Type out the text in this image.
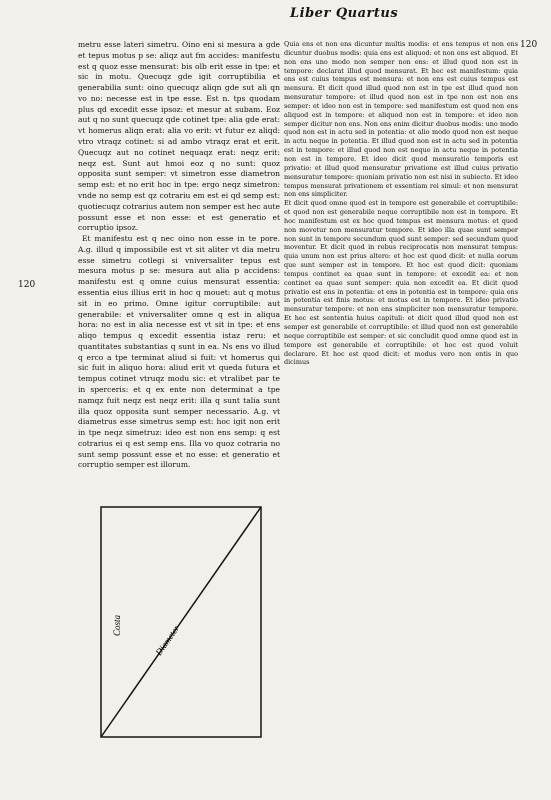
Liber Quartus
120
120

metru esse lateri simetru. Oino eni si mesura a gde et tepus motus p se: aliqz aut fm accides: manifestu est q quoz esse mensurat: bis olb erit esse in tpe: et sic in motu. Quecuqz gde igit corruptibilia et generabilia sunt: oino quecuqz aliqn gde sut ali qn vo no: necesse est in tpe esse. Est n. tps quodam plus qd excedit esse ipsoz: et mesur at subam. Eoz aut q no sunt quecuqz qde cotinet tpe: alia gde erat: vt homerus aliqn erat: alia vo erit: vt futur ez aliqd: vtro vtraqz cotinet: si ad ambo vtraqz erat et erit. Quecuqz aut no cotinet nequaqz erat: neqz erit: neqz est. Sunt aut hmoi eoz q no sunt: quoz opposita sunt semper: vt simetron esse diametron semp est: et no erit hoc in tpe: ergo neqz simetron: vnde no semp est qz cotrariu em est ei qd semp est: quotiecuqz cotrarius autem non semper est hec aute possunt esse et non esse: et est generatio et corruptio ipsoz.

Et manifestu est q nec oino non esse in te pore. A.g. illud q impossibile est vt sit aliter vt dia metru esse simetru cotlegi si vniversaliter tepus est mesura motus p se: mesura aut alia p accidens: manifestu est q omne cuius mensurat essentia: essentia eius illius erit in hoc q mouet: aut q motus sit in eo primo. Omne igitur corruptibile: aut generabile: et vniversaliter omne q est in aliqua hora: no est in alia necesse est vt sit in tpe: et ens aliqo tempus q excedit essentia istaz reru: et quantitates substantias q sunt in ea. Ns ens vo illud q erco a tpe terminat aliud si fuit: vt homerus qui sic fuit in aliquo hora: aliud erit vt queda futura et tempus cotinet vtruqz modu sic: et vtralibet par te in sperceris: et q ex ente non determinat a tpe namqz fuit neqz est neqz erit: illa q sunt talia sunt illa quoz opposita sunt semper necessario. A.g. vt diametrus esse simetrus semp est: hoc igit non erit in tpe neqz simetruz: ideo est non ens semp: q est cotrarius ei q est semp ens. Illa vo quoz cotraria no sunt semp possunt esse et no esse: et generatio et corruptio semper est illorum.

Quia ens et non ens dicuntur multis modis: et ens tempus et non ens dicuntur duobus modis: quia ens est aliquod: et non ens est aliquod. Et non ens uno modo non semper non ens: et illud quod non est in tempore: declarat illud quod mensurat. Et hec est manifestum: quia ens est cuius tempus est mensura: et non ens est cuius tempus est mensura. Et dicit quod illud quod non est in tpe est illud quod non mensuratur tempore: et illud quod non est in tpe non est non ens semper: et ideo non est in tempore: sed manifestum est quod non ens aliquod est in tempore: et aliquod non est in tempore: et ideo non semper dicitur non ens. Non ens enim dicitur duobus modis: uno modo quod non est in actu sed in potentia: et alio modo quod non est neque in actu neque in potentia. Et illud quod non est in actu sed in potentia est in tempore: et illud quod non est neque in actu neque in potentia non est in tempore. Et ideo dicit quod mensuratio temporis est privatio: et illud quod mensuratur privatione est illud cuius privatio mensuratur tempore: quoniam privatio non est nisi in subiecto. Et ideo tempus mensurat privationem et essentiam rei simul: et non mensurat non ens simpliciter.

Et dicit quod omne quod est in tempore est generabile et corruptibile: et quod non est generabile neque corruptibile non est in tempore. Et hoc manifestum est ex hoc quod tempus est mensura motus: et quod non movetur non mensuratur tempore. Et ideo illa quae sunt semper non sunt in tempore secundum quod sunt semper: sed secundum quod moventur. Et dicit quod in rebus reciprocatis non mensurat tempus: quia unum non est prius altero: et hoc est quod dicit: et nulla eorum que sunt semper est in tempore. Et hoc est quod dicit: quoniam tempus continet ea quae sunt in tempore: et excedit ea: et non continet ea quae sunt semper: quia non excedit ea. Et dicit quod privatio est ens in potentia: et ens in potentia est in tempore: quia ens in potentia est finis motus: et motus est in tempore. Et ideo privatio mensuratur tempore: et non ens simpliciter non mensuratur tempore. Et hec est sententia huius capituli: et dicit quod illud quod non est semper est generabile et corruptibile: et illud quod non est generabile neque corruptibile est semper: et sic concludit quod omne quod est in tempore est generabile et corruptibile: et hoc est quod voluit declarare. Et hoc est quod dicit: et modus vero non entis in quo dicimus

Costa	Diameter
